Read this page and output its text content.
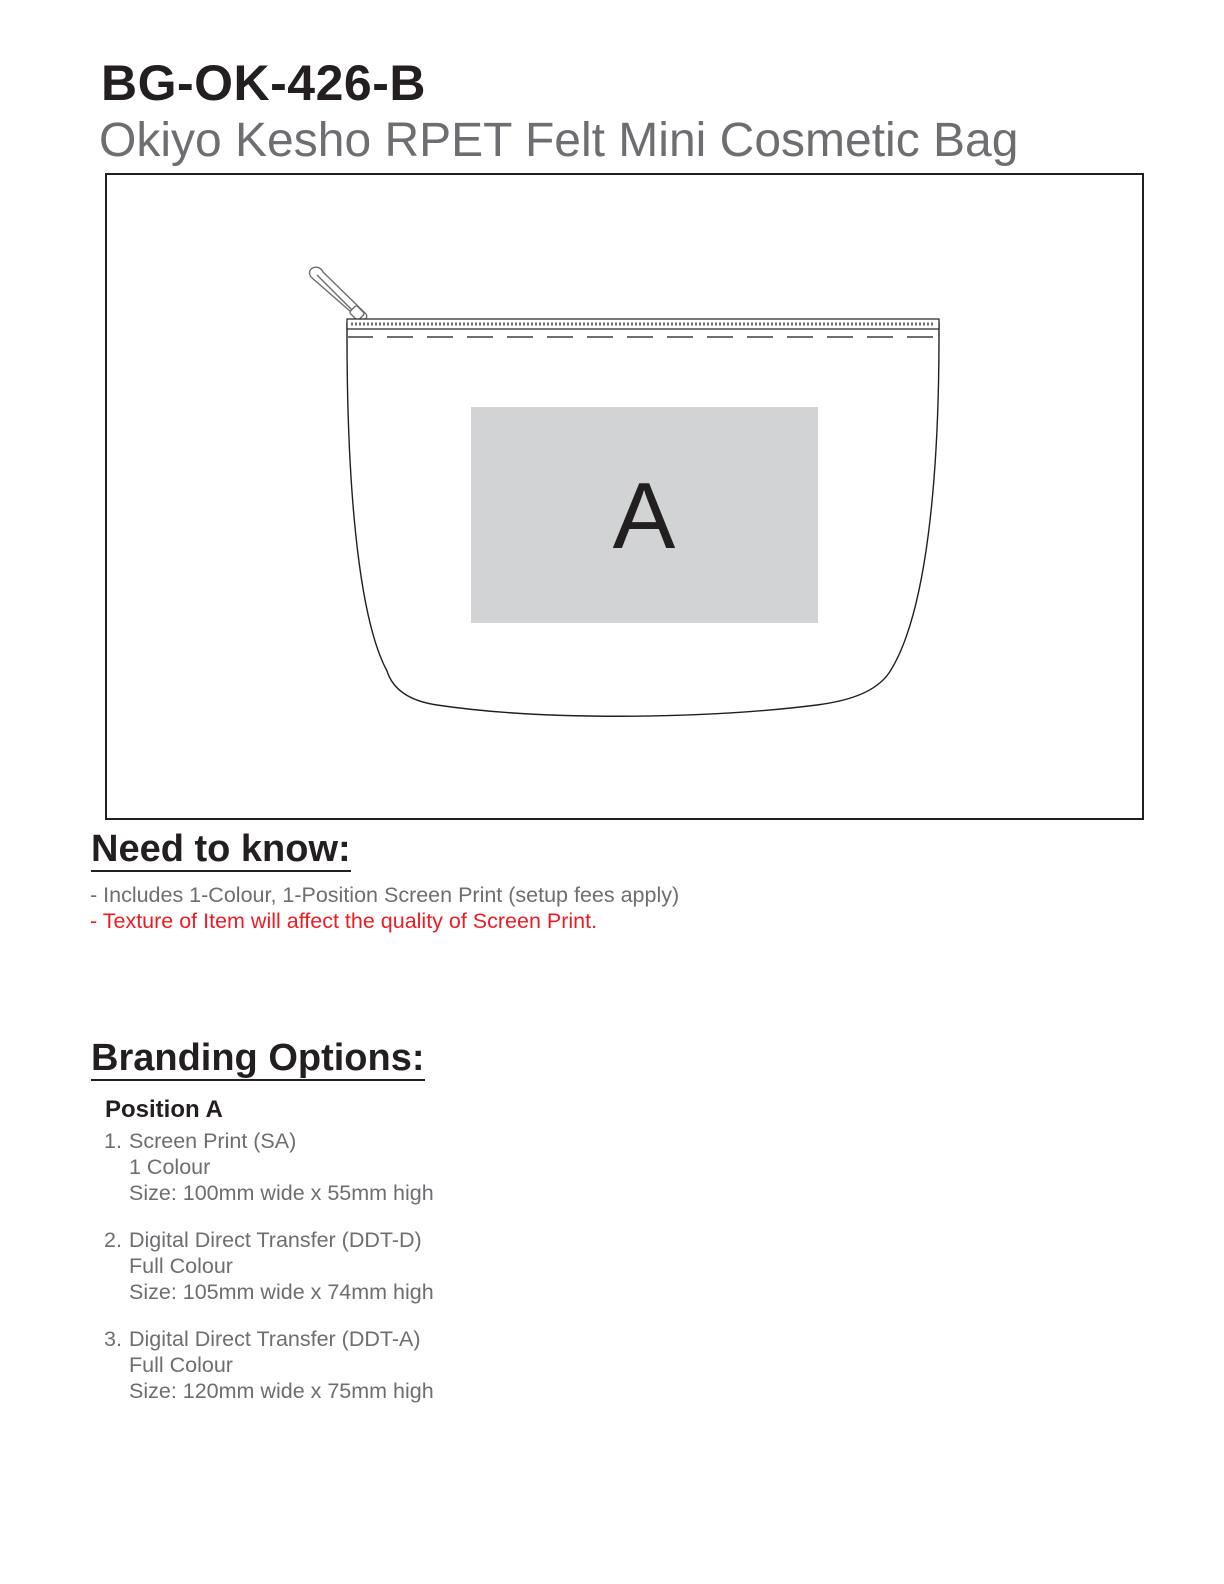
BG-OK-426-B
Okiyo Kesho RPET Felt Mini Cosmetic Bag
A
Need to know:
- Includes 1-Colour, 1-Position Screen Print (setup fees apply)
- Texture of Item will affect the quality of Screen Print.
Branding Options:
Position A
1. Screen Print (SA)
1 Colour
Size: 100mm wide x 55mm high
2. Digital Direct Transfer (DDT-D)
Full Colour
Size: 105mm wide x 74mm high
3. Digital Direct Transfer (DDT-A)
Full Colour
Size: 120mm wide x 75mm high
